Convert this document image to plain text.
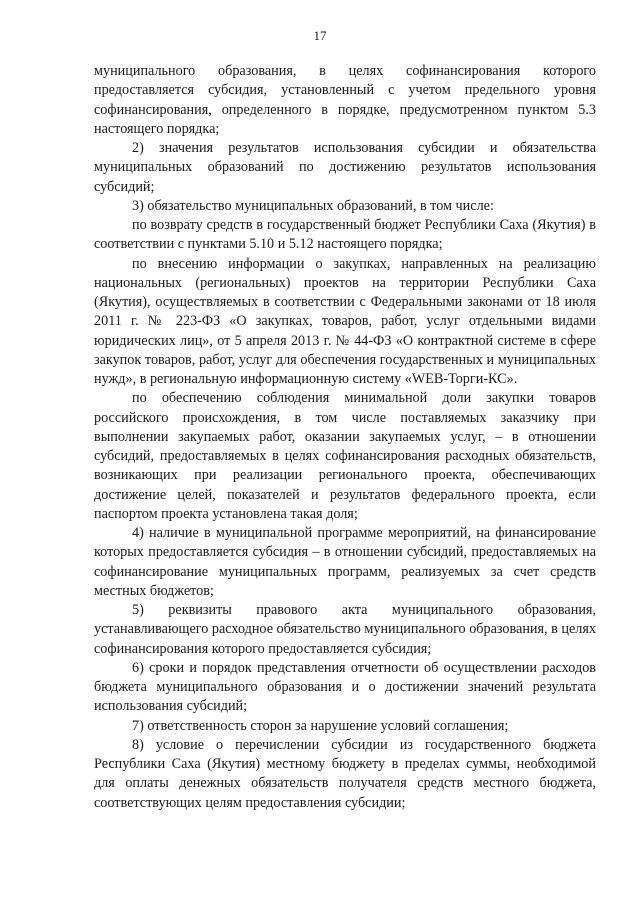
17

муниципального образования, в целях софинансирования которого предоставляется субсидия, установленный с учетом предельного уровня софинансирования, определенного в порядке, предусмотренном пунктом 5.3 настоящего порядка;

2) значения результатов использования субсидии и обязательства муниципальных образований по достижению результатов использования субсидий;

3) обязательство муниципальных образований, в том числе:

по возврату средств в государственный бюджет Республики Саха (Якутия) в соответствии с пунктами 5.10 и 5.12 настоящего порядка;

по внесению информации о закупках, направленных на реализацию национальных (региональных) проектов на территории Республики Саха (Якутия), осуществляемых в соответствии с Федеральными законами от 18 июля 2011 г. № 223-ФЗ «О закупках, товаров, работ, услуг отдельными видами юридических лиц», от 5 апреля 2013 г. № 44-ФЗ «О контрактной системе в сфере закупок товаров, работ, услуг для обеспечения государственных и муниципальных нужд», в региональную информационную систему «WEB-Торги-КС».

по обеспечению соблюдения минимальной доли закупки товаров российского происхождения, в том числе поставляемых заказчику при выполнении закупаемых работ, оказании закупаемых услуг, – в отношении субсидий, предоставляемых в целях софинансирования расходных обязательств, возникающих при реализации регионального проекта, обеспечивающих достижение целей, показателей и результатов федерального проекта, если паспортом проекта установлена такая доля;

4) наличие в муниципальной программе мероприятий, на финансирование которых предоставляется субсидия – в отношении субсидий, предоставляемых на софинансирование муниципальных программ, реализуемых за счет средств местных бюджетов;

5) реквизиты правового акта муниципального образования, устанавливающего расходное обязательство муниципального образования, в целях софинансирования которого предоставляется субсидия;

6) сроки и порядок представления отчетности об осуществлении расходов бюджета муниципального образования и о достижении значений результата использования субсидий;

7) ответственность сторон за нарушение условий соглашения;

8) условие о перечислении субсидии из государственного бюджета Республики Саха (Якутия) местному бюджету в пределах суммы, необходимой для оплаты денежных обязательств получателя средств местного бюджета, соответствующих целям предоставления субсидии;
